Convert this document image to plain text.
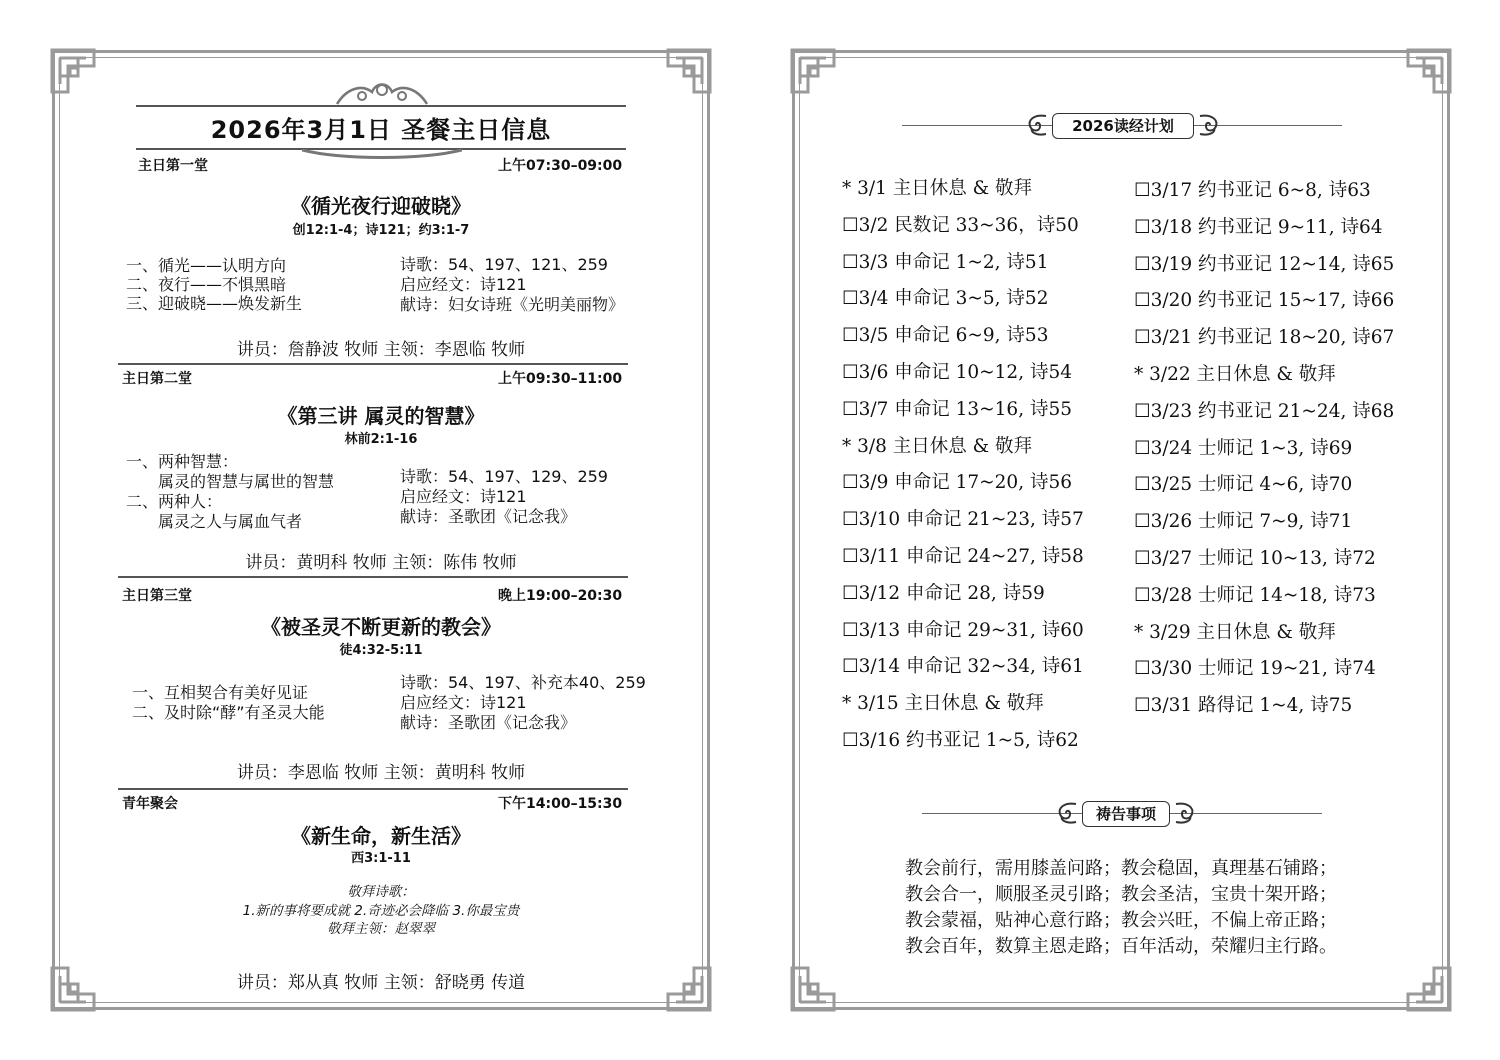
2026年3月1日 圣餐主日信息
主日第一堂	上午07:30–09:00
《循光夜行迎破晓》
创12:1-4；诗121；约3:1-7
一、循光——认明方向
二、夜行——不惧黑暗
三、迎破晓——焕发新生
诗歌：54、197、121、259
启应经文：诗121
献诗：妇女诗班《光明美丽物》
讲员：詹静波 牧师 主领：李恩临 牧师
主日第二堂	上午09:30–11:00
《第三讲 属灵的智慧》
林前2:1-16
一、两种智慧：
属灵的智慧与属世的智慧
二、两种人：
属灵之人与属血气者
诗歌：54、197、129、259
启应经文：诗121
献诗：圣歌团《记念我》
讲员：黄明科 牧师 主领：陈伟 牧师
主日第三堂	晚上19:00–20:30
《被圣灵不断更新的教会》
徒4:32-5:11
一、互相契合有美好见证
二、及时除“酵”有圣灵大能
诗歌：54、197、补充本40、259
启应经文：诗121
献诗：圣歌团《记念我》
讲员：李恩临 牧师 主领：黄明科 牧师
青年聚会	下午14:00–15:30
《新生命，新生活》
西3:1-11
敬拜诗歌：
1.新的事将要成就 2.奇迹必会降临 3.你最宝贵
敬拜主领：赵翠翠
讲员：郑从真 牧师 主领：舒晓勇 传道
2026读经计划
* 3/1 主日休息 & 敬拜
☐3/2 民数记 33~36，诗50
☐3/3 申命记 1~2, 诗51
☐3/4 申命记 3~5, 诗52
☐3/5 申命记 6~9, 诗53
☐3/6 申命记 10~12, 诗54
☐3/7 申命记 13~16, 诗55
* 3/8 主日休息 & 敬拜
☐3/9 申命记 17~20, 诗56
☐3/10 申命记 21~23, 诗57
☐3/11 申命记 24~27, 诗58
☐3/12 申命记 28, 诗59
☐3/13 申命记 29~31, 诗60
☐3/14 申命记 32~34, 诗61
* 3/15 主日休息 & 敬拜
☐3/16 约书亚记 1~5, 诗62
☐3/17 约书亚记 6~8, 诗63
☐3/18 约书亚记 9~11, 诗64
☐3/19 约书亚记 12~14, 诗65
☐3/20 约书亚记 15~17, 诗66
☐3/21 约书亚记 18~20, 诗67
* 3/22 主日休息 & 敬拜
☐3/23 约书亚记 21~24, 诗68
☐3/24 士师记 1~3, 诗69
☐3/25 士师记 4~6, 诗70
☐3/26 士师记 7~9, 诗71
☐3/27 士师记 10~13, 诗72
☐3/28 士师记 14~18, 诗73
* 3/29 主日休息 & 敬拜
☐3/30 士师记 19~21, 诗74
☐3/31 路得记 1~4, 诗75
祷告事项
教会前行，需用膝盖问路；教会稳固，真理基石铺路；
教会合一，顺服圣灵引路；教会圣洁，宝贵十架开路；
教会蒙福，贴神心意行路；教会兴旺，不偏上帝正路；
教会百年，数算主恩走路；百年活动，荣耀归主行路。
